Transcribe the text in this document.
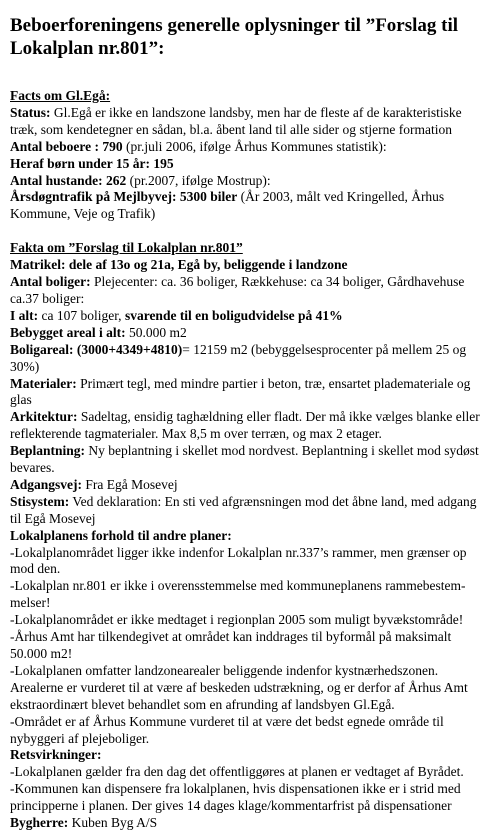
Beboerforeningens generelle oplysninger til ”Forslag til Lokalplan nr.801”:

Facts om Gl.Egå:

Status: Gl.Egå er ikke en landszone landsby, men har de fleste af de karakteristiske træk, som kendetegner en sådan, bl.a. åbent land til alle sider og stjerne formation

Antal beboere : 790 (pr.juli 2006, ifølge Århus Kommunes statistik):

Heraf børn under 15 år: 195

Antal hustande: 262 (pr.2007, ifølge Mostrup):

Årsdøgntrafik på Mejlbyvej: 5300 biler (År 2003, målt ved Kringelled, Århus Kommune, Veje og Trafik)

Fakta om ”Forslag til Lokalplan nr.801”

Matrikel: dele af 13o og 21a, Egå by, beliggende i landzone

Antal boliger: Plejecenter: ca. 36 boliger, Rækkehuse: ca 34 boliger, Gårdhavehuse ca.37 boliger:

I alt: ca 107 boliger, svarende til en boligudvidelse på 41%

Bebygget areal i alt: 50.000 m2

Boligareal: (3000+4349+4810)= 12159 m2 (bebyggelsesprocenter på mellem 25 og 30%)

Materialer: Primært tegl, med mindre partier i beton, træ, ensartet plademateriale og glas

Arkitektur: Sadeltag, ensidig taghældning eller fladt. Der må ikke vælges blanke eller reflekterende tagmaterialer. Max 8,5 m over terræn, og max 2 etager.

Beplantning: Ny beplantning i skellet mod nordvest. Beplantning i skellet mod sydøst bevares.

Adgangsvej: Fra Egå Mosevej

Stisystem: Ved deklaration: En sti ved afgrænsningen mod det åbne land, med adgang til Egå Mosevej

Lokalplanens forhold til andre planer:

-Lokalplanområdet ligger ikke indenfor Lokalplan nr.337’s rammer, men grænser op mod den.

-Lokalplan nr.801 er ikke i overensstemmelse med kommuneplanens rammebestem-melser!

-Lokalplanområdet er ikke medtaget i regionplan 2005 som muligt byvækstområde!

-Århus Amt har tilkendegivet at området kan inddrages til byformål på maksimalt 50.000 m2!

-Lokalplanen omfatter landzonearealer beliggende indenfor kystnærhedszonen. Arealerne er vurderet til at være af beskeden udstrækning, og er derfor af Århus Amt ekstraordinært blevet behandlet som en afrunding af landsbyen Gl.Egå.

-Området er af Århus Kommune vurderet til at være det bedst egnede område til nybyggeri af plejeboliger.

Retsvirkninger:

-Lokalplanen gælder fra den dag det offentliggøres at planen er vedtaget af Byrådet.

-Kommunen kan dispensere fra lokalplanen, hvis dispensationen ikke er i strid med principperne i planen. Der gives 14 dages klage/kommentarfrist på dispensationer

Bygherre: Kuben Byg A/S
